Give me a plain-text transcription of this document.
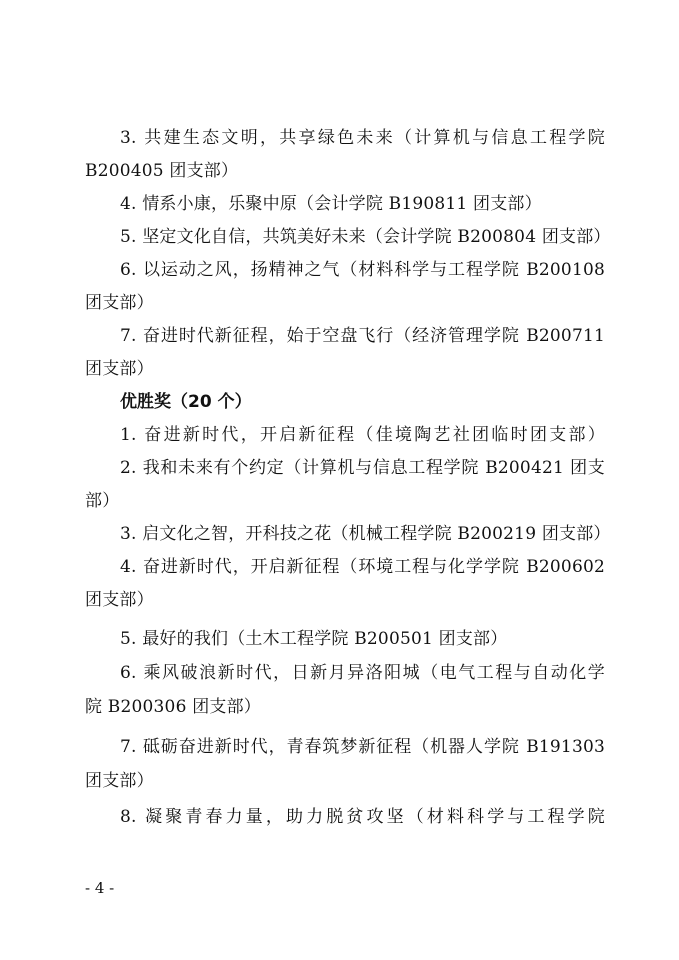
3. 共建生态文明，共享绿色未来（计算机与信息工程学院
B200405 团支部）
4. 情系小康，乐聚中原（会计学院 B190811 团支部）
5. 坚定文化自信，共筑美好未来（会计学院 B200804 团支部）
6. 以运动之风，扬精神之气（材料科学与工程学院 B200108
团支部）
7. 奋进时代新征程，始于空盘飞行（经济管理学院 B200711
团支部）
优胜奖（20 个）
1. 奋进新时代，开启新征程（佳境陶艺社团临时团支部）
2. 我和未来有个约定（计算机与信息工程学院 B200421 团支
部）
3. 启文化之智，开科技之花（机械工程学院 B200219 团支部）
4. 奋进新时代，开启新征程（环境工程与化学学院 B200602
团支部）
5. 最好的我们（土木工程学院 B200501 团支部）
6. 乘风破浪新时代，日新月异洛阳城（电气工程与自动化学
院 B200306 团支部）
7. 砥砺奋进新时代，青春筑梦新征程（机器人学院 B191303
团支部）
8. 凝聚青春力量，助力脱贫攻坚（材料科学与工程学院
- 4 -
